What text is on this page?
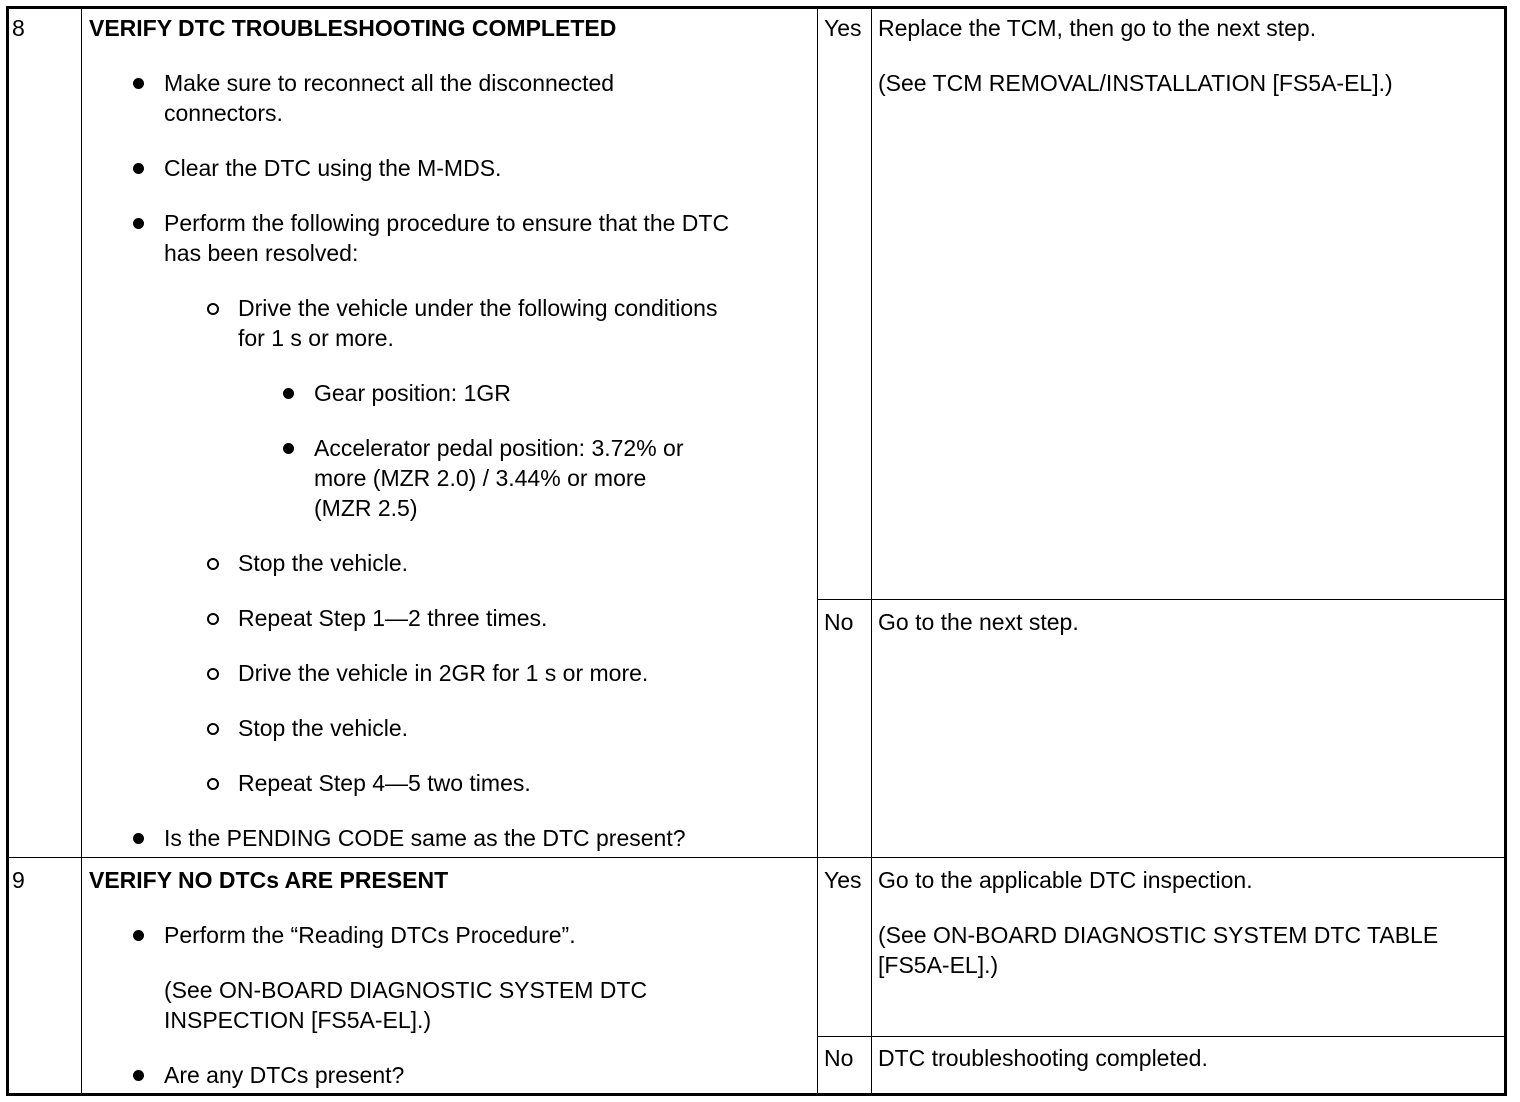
8	VERIFY DTC TROUBLESHOOTING COMPLETED
Make sure to reconnect all the disconnected
connectors.
Clear the DTC using the M-MDS.
Perform the following procedure to ensure that the DTC
has been resolved:
Drive the vehicle under the following conditions
for 1 s or more.
Gear position: 1GR
Accelerator pedal position: 3.72% or
more (MZR 2.0) / 3.44% or more
(MZR 2.5)
Stop the vehicle.
Repeat Step 1—2 three times.
Drive the vehicle in 2GR for 1 s or more.
Stop the vehicle.
Repeat Step 4—5 two times.
Is the PENDING CODE same as the DTC present?
Yes Replace the TCM, then go to the next step.
(See TCM REMOVAL/INSTALLATION [FS5A-EL].)
No Go to the next step.
9	VERIFY NO DTCs ARE PRESENT
Perform the “Reading DTCs Procedure”.
(See ON-BOARD DIAGNOSTIC SYSTEM DTC
INSPECTION [FS5A-EL].)
Are any DTCs present?
Yes Go to the applicable DTC inspection.
(See ON-BOARD DIAGNOSTIC SYSTEM DTC TABLE
[FS5A-EL].)
No DTC troubleshooting completed.
